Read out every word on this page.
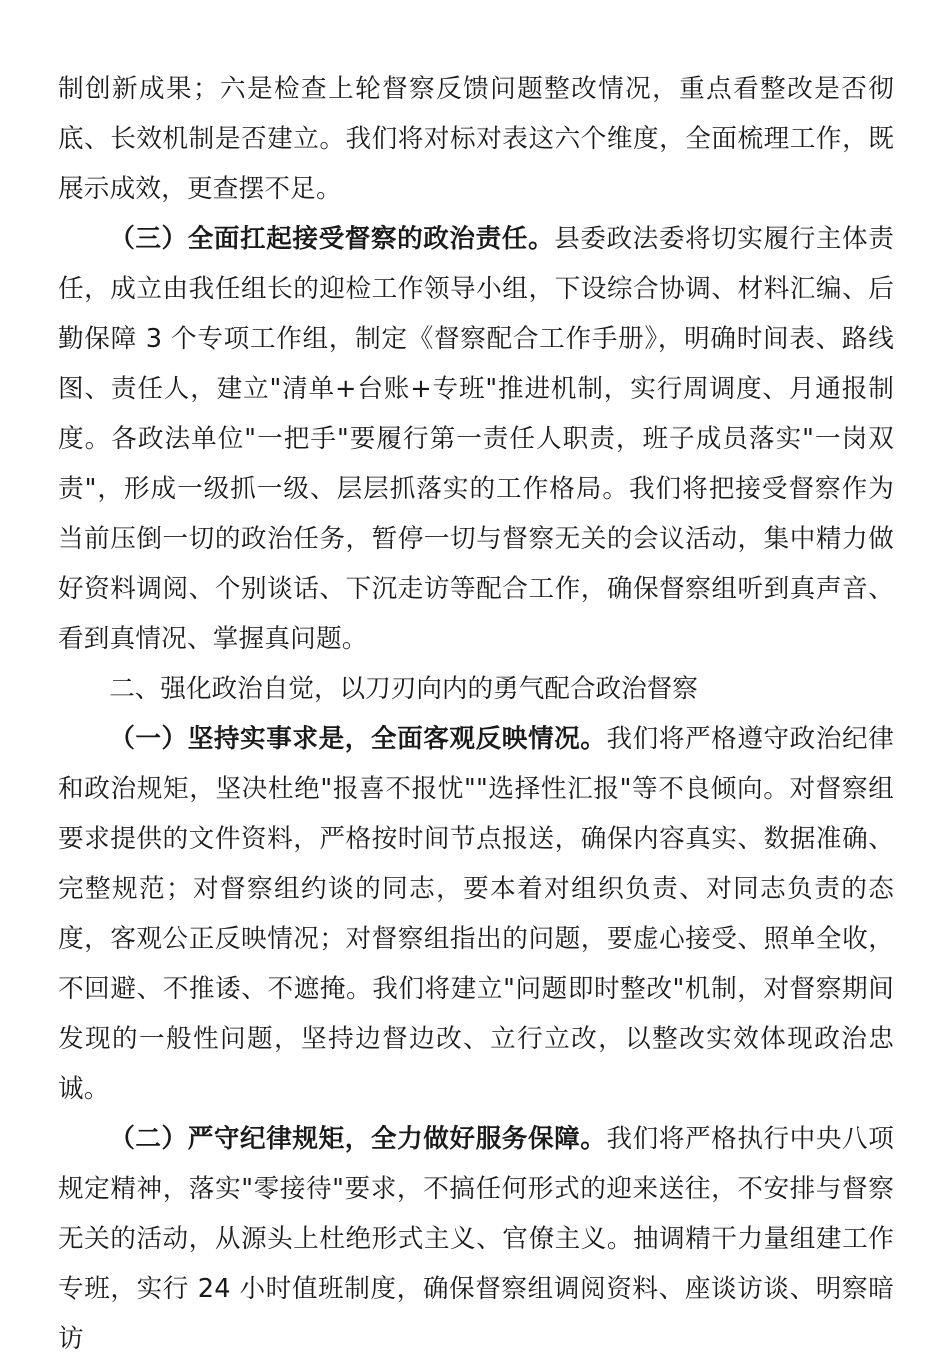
制创新成果；六是检查上轮督察反馈问题整改情况，重点看整改是否彻底、长效机制是否建立。我们将对标对表这六个维度，全面梳理工作，既展示成效，更查摆不足。

（三）全面扛起接受督察的政治责任。县委政法委将切实履行主体责任，成立由我任组长的迎检工作领导小组，下设综合协调、材料汇编、后勤保障 3 个专项工作组，制定《督察配合工作手册》，明确时间表、路线图、责任人，建立"清单+台账+专班"推进机制，实行周调度、月通报制度。各政法单位"一把手"要履行第一责任人职责，班子成员落实"一岗双责"，形成一级抓一级、层层抓落实的工作格局。我们将把接受督察作为当前压倒一切的政治任务，暂停一切与督察无关的会议活动，集中精力做好资料调阅、个别谈话、下沉走访等配合工作，确保督察组听到真声音、看到真情况、掌握真问题。

二、强化政治自觉，以刀刃向内的勇气配合政治督察

（一）坚持实事求是，全面客观反映情况。我们将严格遵守政治纪律和政治规矩，坚决杜绝"报喜不报忧""选择性汇报"等不良倾向。对督察组要求提供的文件资料，严格按时间节点报送，确保内容真实、数据准确、完整规范；对督察组约谈的同志，要本着对组织负责、对同志负责的态度，客观公正反映情况；对督察组指出的问题，要虚心接受、照单全收，不回避、不推诿、不遮掩。我们将建立"问题即时整改"机制，对督察期间发现的一般性问题，坚持边督边改、立行立改，以整改实效体现政治忠诚。

（二）严守纪律规矩，全力做好服务保障。我们将严格执行中央八项规定精神，落实"零接待"要求，不搞任何形式的迎来送往，不安排与督察无关的活动，从源头上杜绝形式主义、官僚主义。抽调精干力量组建工作专班，实行 24 小时值班制度，确保督察组调阅资料、座谈访谈、明察暗访
